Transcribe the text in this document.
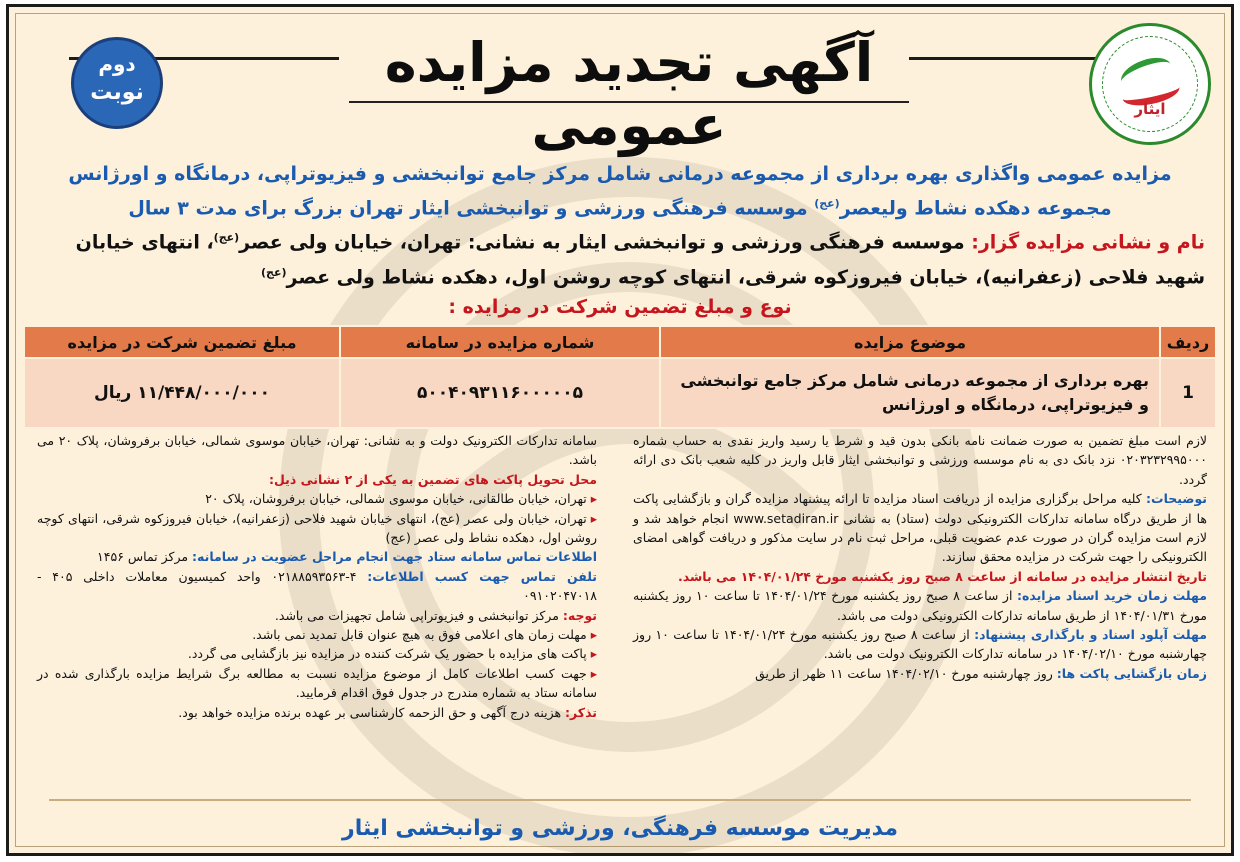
آگهی تجدید مزایده عمومی	ایثار
دوم
نوبت
مزایده عمومی واگذاری بهره برداری از مجموعه درمانی شامل مرکز جامع توانبخشی و فیزیوتراپی، درمانگاه و اورژانس
مجموعه دهکده نشاط ولیعصر$^{(عج)}$ موسسه فرهنگی ورزشی و توانبخشی ایثار تهران بزرگ برای مدت ۳ سال
نام و نشانی مزایده گزار: موسسه فرهنگی ورزشی و توانبخشی ایثار به نشانی: تهران، خیابان ولی عصر$^{(عج)}$، انتهای خیابان
شهید فلاحی (زعفرانیه)، خیابان فیروزکوه شرقی، انتهای کوچه روشن اول، دهکده نشاط ولی عصر$^{(عج)}$
نوع و مبلغ تضمین شرکت در مزایده :
ردیف	موضوع مزایده	شماره مزایده در سامانه	مبلغ تضمین شرکت در مزایده
1	بهره برداری از مجموعه درمانی شامل مرکز جامع توانبخشی و فیزیوتراپی، درمانگاه و اورژانس	۵۰۰۴۰۹۳۱۱۶۰۰۰۰۰۵	۱۱/۴۴۸/۰۰۰/۰۰۰ ریال

لازم است مبلغ تضمین به صورت ضمانت نامه بانکی بدون قید و شرط یا رسید واریز نقدی به حساب شماره ۰۲۰۳۲۳۲۹۹۵۰۰۰ نزد بانک دی به نام موسسه ورزشی و توانبخشی ایثار قابل واریز در کلیه شعب بانک دی ارائه گردد.

توضیحات: کلیه مراحل برگزاری مزایده از دریافت اسناد مزایده تا ارائه پیشنهاد مزایده گران و بازگشایی پاکت ها از طریق درگاه سامانه تدارکات الکترونیکی دولت (ستاد) به نشانی www.setadiran.ir انجام خواهد شد و لازم است مزایده گران در صورت عدم عضویت قبلی، مراحل ثبت نام در سایت مذکور و دریافت گواهی امضای الکترونیکی را جهت شرکت در مزایده محقق سازند.

تاریخ انتشار مزایده در سامانه از ساعت ۸ صبح روز یکشنبه مورخ ۱۴۰۴/۰۱/۲۴ می باشد.

مهلت زمان خرید اسناد مزایده: از ساعت ۸ صبح روز یکشنبه مورخ ۱۴۰۴/۰۱/۲۴ تا ساعت ۱۰ روز یکشنبه مورخ ۱۴۰۴/۰۱/۳۱ از طریق سامانه تدارکات الکترونیکی دولت می باشد.

مهلت آپلود اسناد و بارگذاری پیشنهاد: از ساعت ۸ صبح روز یکشنبه مورخ ۱۴۰۴/۰۱/۲۴ تا ساعت ۱۰ روز چهارشنبه مورخ ۱۴۰۴/۰۲/۱۰ در سامانه تدارکات الکترونیک دولت می باشد.

زمان بازگشایی پاکت ها: روز چهارشنبه مورخ ۱۴۰۴/۰۲/۱۰ ساعت ۱۱ ظهر از طریق

سامانه تدارکات الکترونیک دولت و به نشانی: تهران، خیابان موسوی شمالی، خیابان برفروشان، پلاک ۲۰ می باشد.

محل تحویل پاکت های تضمین به یکی از ۲ نشانی ذیل:

▸ تهران، خیابان طالقانی، خیابان موسوی شمالی، خیابان برفروشان، پلاک ۲۰

▸ تهران، خیابان ولی عصر (عج)، انتهای خیابان شهید فلاحی (زعفرانیه)، خیابان فیروزکوه شرقی، انتهای کوچه روشن اول، دهکده نشاط ولی عصر (عج)

اطلاعات تماس سامانه ستاد جهت انجام مراحل عضویت در سامانه: مرکز تماس ۱۴۵۶

تلفن تماس جهت کسب اطلاعات: ۴-۰۲۱۸۸۵۹۳۵۶۳ واحد کمیسیون معاملات داخلی ۴۰۵ - ۰۹۱۰۲۰۴۷۰۱۸

توجه: مرکز توانبخشی و فیزیوتراپی شامل تجهیزات می باشد.

▸ مهلت زمان های اعلامی فوق به هیچ عنوان قابل تمدید نمی باشد.

▸ پاکت های مزایده با حضور یک شرکت کننده در مزایده نیز بازگشایی می گردد.

▸ جهت کسب اطلاعات کامل از موضوع مزایده نسبت به مطالعه برگ شرایط مزایده بارگذاری شده در سامانه ستاد به شماره مندرج در جدول فوق اقدام فرمایید.

تذکر: هزینه درج آگهی و حق الزحمه کارشناسی بر عهده برنده مزایده خواهد بود.

مدیریت موسسه فرهنگی، ورزشی و توانبخشی ایثار
